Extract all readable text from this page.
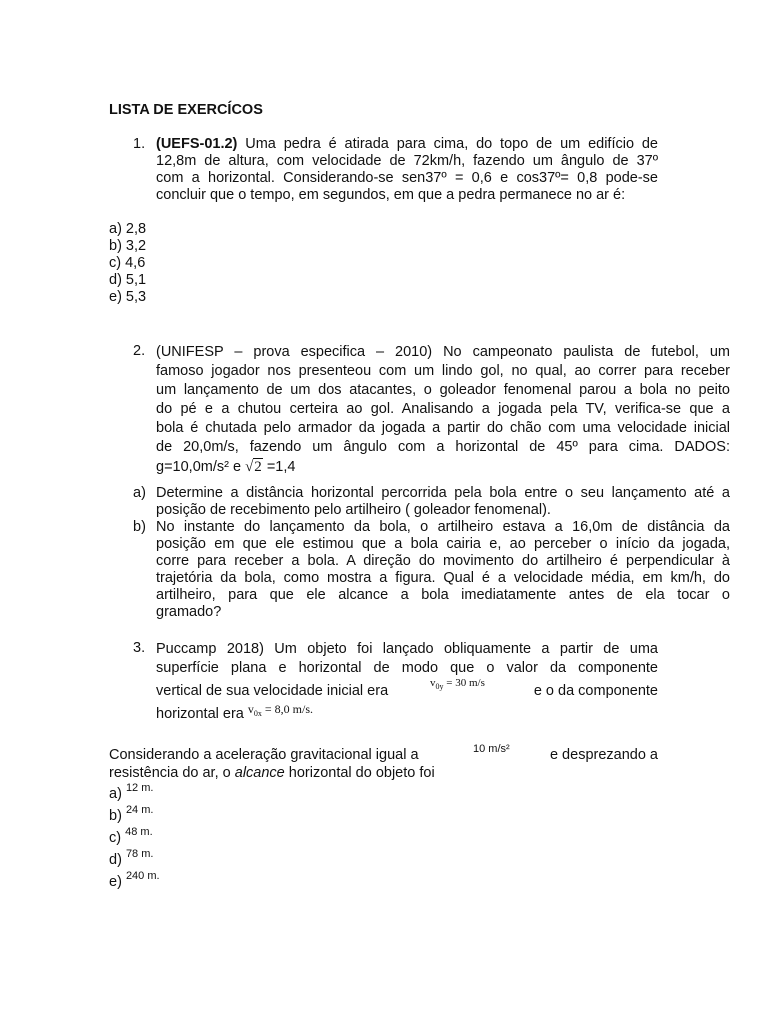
LISTA DE EXERCÍCOS
1. (UEFS-01.2) Uma pedra é atirada para cima, do topo de um edifício de
12,8m de altura, com velocidade de 72km/h, fazendo um ângulo de 37º
com a horizontal. Considerando-se sen37º = 0,6 e cos37º= 0,8 pode-se
concluir que o tempo, em segundos, em que a pedra permanece no ar é:
a) 2,8
b) 3,2
c) 4,6
d) 5,1
e) 5,3
2. (UNIFESP – prova especifica – 2010) No campeonato paulista de futebol, um
famoso jogador nos presenteou com um lindo gol, no qual, ao correr para receber
um lançamento de um dos atacantes, o goleador fenomenal parou a bola no peito
do pé e a chutou certeira ao gol. Analisando a jogada pela TV, verifica-se que a
bola é chutada pelo armador da jogada a partir do chão com uma velocidade inicial
de 20,0m/s, fazendo um ângulo com a horizontal de 45º para cima. DADOS:
g=10,0m/s² e √2 =1,4
a) Determine a distância horizontal percorrida pela bola entre o seu lançamento até a
posição de recebimento pelo artilheiro ( goleador fenomenal).
b) No instante do lançamento da bola, o artilheiro estava a 16,0m de distância da
posição em que ele estimou que a bola cairia e, ao perceber o início da jogada,
corre para receber a bola. A direção do movimento do artilheiro é perpendicular à
trajetória da bola, como mostra a figura. Qual é a velocidade média, em km/h, do
artilheiro, para que ele alcance a bola imediatamente antes de ela tocar o
gramado?
3. Puccamp 2018) Um objeto foi lançado obliquamente a partir de uma
superfície plana e horizontal de modo que o valor da componente
vertical de sua velocidade inicial era	$v_{0y} = 30$ m/s	e o da componente
horizontal era $^{v_{0x} = 8,0 m/s.}$
Considerando a aceleração gravitacional igual a	10 m/s²	e desprezando a
resistência do ar, o alcance horizontal do objeto foi
a) $^{12 m.}$
b) $^{24 m.}$
c) $^{48 m.}$
d) $^{78 m.}$
e) $^{240 m.}$
